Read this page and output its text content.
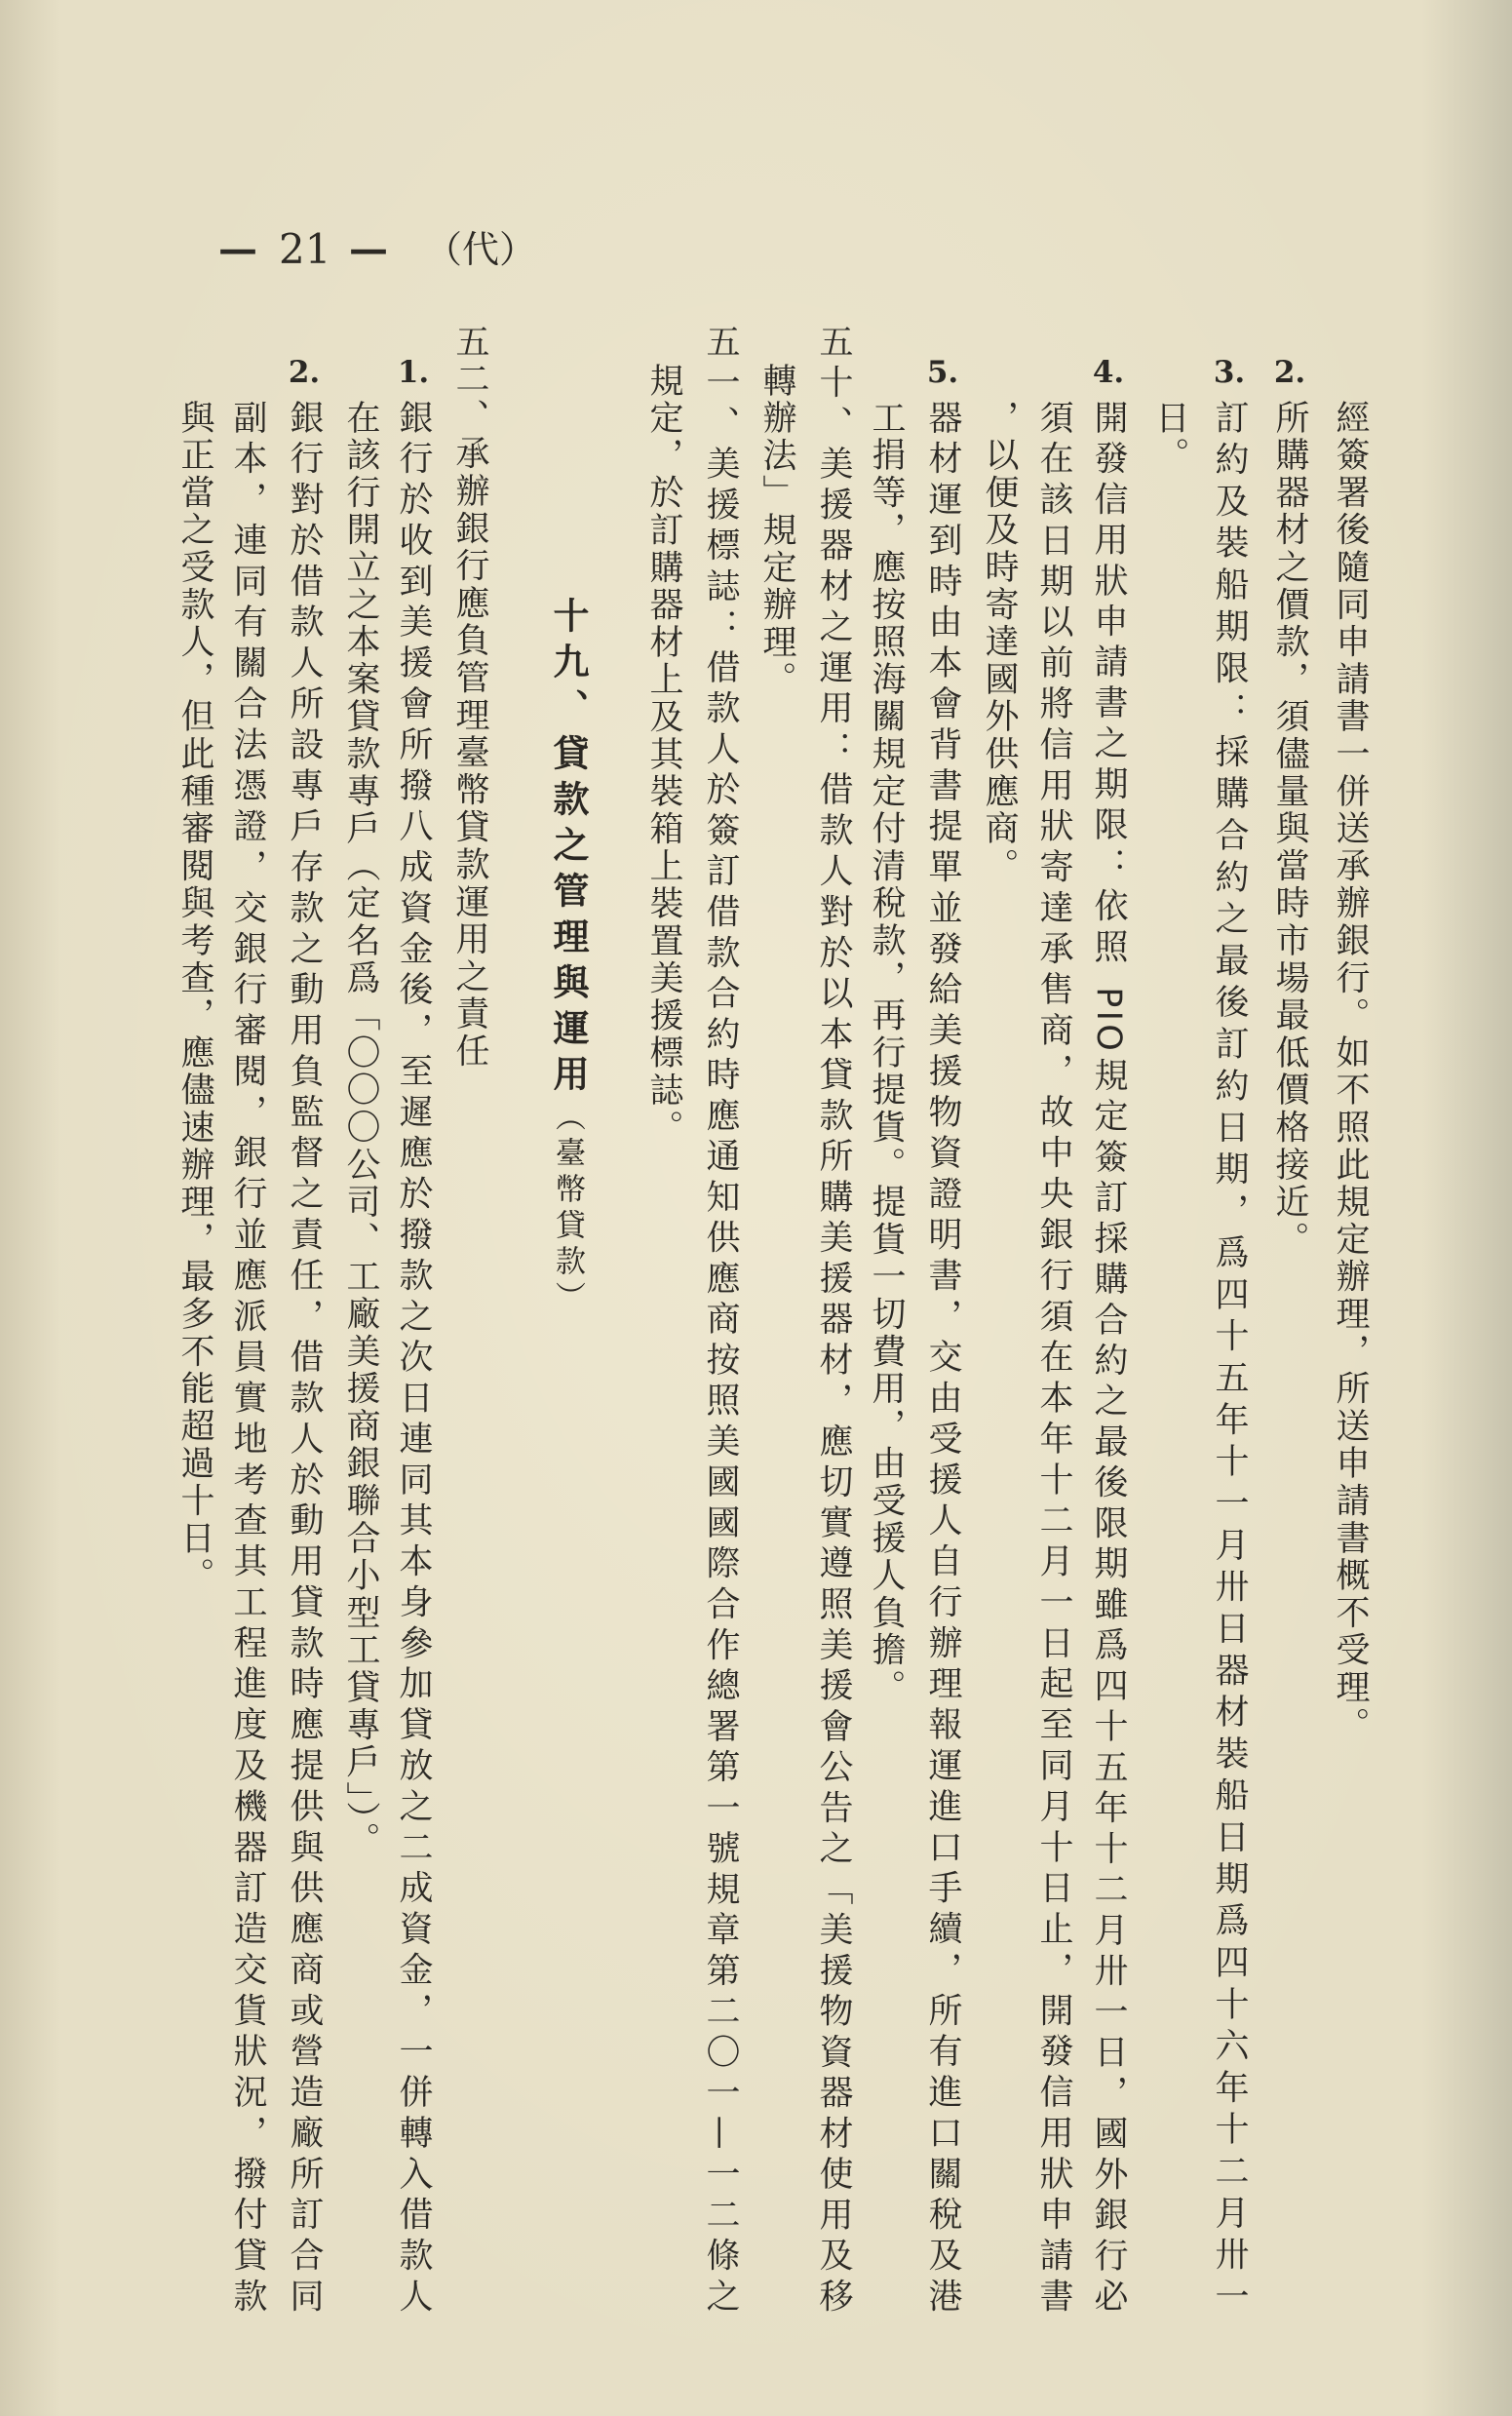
— 21 — （代）
經簽署後隨同申請書一併送承辦銀行。如不照此規定辦理，所送申請書概不受理。
2.
所購器材之價款，須儘量與當時市場最低價格接近。
3.
訂約及裝船期限：採購合約之最後訂約日期，爲四十五年十一月卅日器材裝船日期爲四十六年十二月卅一
日。
4.
開發信用狀申請書之期限：依照 PIO規定簽訂採購合約之最後限期雖爲四十五年十二月卅一日，國外銀行必
須在該日期以前將信用狀寄達承售商，故中央銀行須在本年十二月一日起至同月十日止，開發信用狀申請書
，以便及時寄達國外供應商。
5.
器材運到時由本會背書提單並發給美援物資證明書，交由受援人自行辦理報運進口手續，所有進口關稅及港
工捐等，應按照海關規定付清稅款，再行提貨。提貨一切費用，由受援人負擔。
五十、美援器材之運用：借款人對於以本貸款所購美援器材，應切實遵照美援會公告之「美援物資器材使用及移
轉辦法」規定辦理。
五一、美援標誌：借款人於簽訂借款合約時應通知供應商按照美國國際合作總署第一號規章第二〇一—一二條之
規定，於訂購器材上及其裝箱上裝置美援標誌。
十九、貸款之管理與運用（臺幣貸款）
五二、承辦銀行應負管理臺幣貸款運用之責任
1.
銀行於收到美援會所撥八成資金後，至遲應於撥款之次日連同其本身參加貸放之二成資金，一併轉入借款人
在該行開立之本案貸款專戶（定名爲「〇〇〇公司、工廠美援商銀聯合小型工貸專戶」）。
2.
銀行對於借款人所設專戶存款之動用負監督之責任，借款人於動用貸款時應提供與供應商或營造廠所訂合同
副本，連同有關合法憑證，交銀行審閱，銀行並應派員實地考查其工程進度及機器訂造交貨狀況，撥付貸款
與正當之受款人，但此種審閱與考查，應儘速辦理，最多不能超過十日。
